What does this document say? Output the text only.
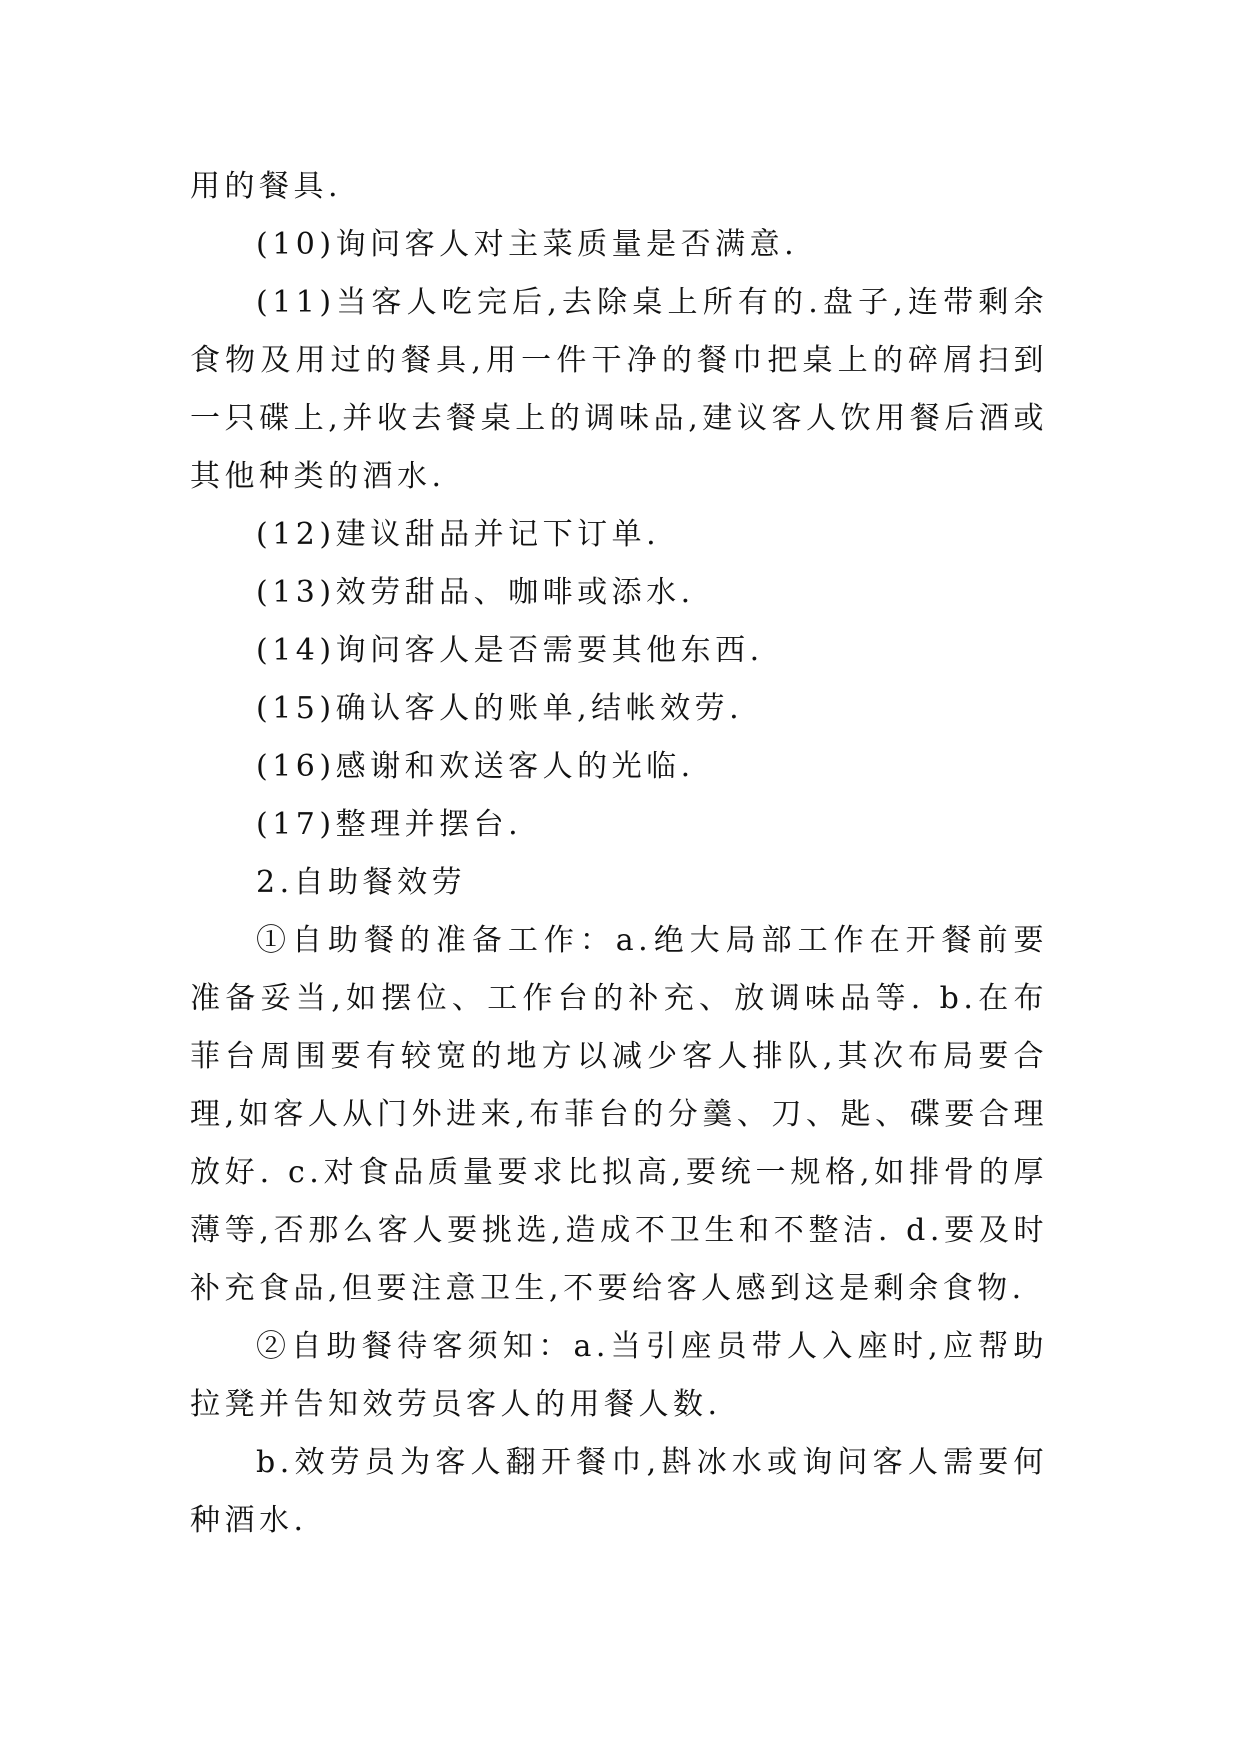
用的餐具.

(10)询问客人对主菜质量是否满意.

(11)当客人吃完后,去除桌上所有的.盘子,连带剩余食物及用过的餐具,用一件干净的餐巾把桌上的碎屑扫到一只碟上,并收去餐桌上的调味品,建议客人饮用餐后酒或其他种类的酒水.

(12)建议甜品并记下订单.

(13)效劳甜品、咖啡或添水.

(14)询问客人是否需要其他东西.

(15)确认客人的账单,结帐效劳.

(16)感谢和欢送客人的光临.

(17)整理并摆台.

2.自助餐效劳

①自助餐的准备工作：a.绝大局部工作在开餐前要准备妥当,如摆位、工作台的补充、放调味品等. b.在布菲台周围要有较宽的地方以减少客人排队,其次布局要合理,如客人从门外进来,布菲台的分羹、刀、匙、碟要合理放好. c.对食品质量要求比拟高,要统一规格,如排骨的厚薄等,否那么客人要挑选,造成不卫生和不整洁. d.要及时补充食品,但要注意卫生,不要给客人感到这是剩余食物.

②自助餐待客须知：a.当引座员带人入座时,应帮助拉凳并告知效劳员客人的用餐人数.

b.效劳员为客人翻开餐巾,斟冰水或询问客人需要何种酒水.
